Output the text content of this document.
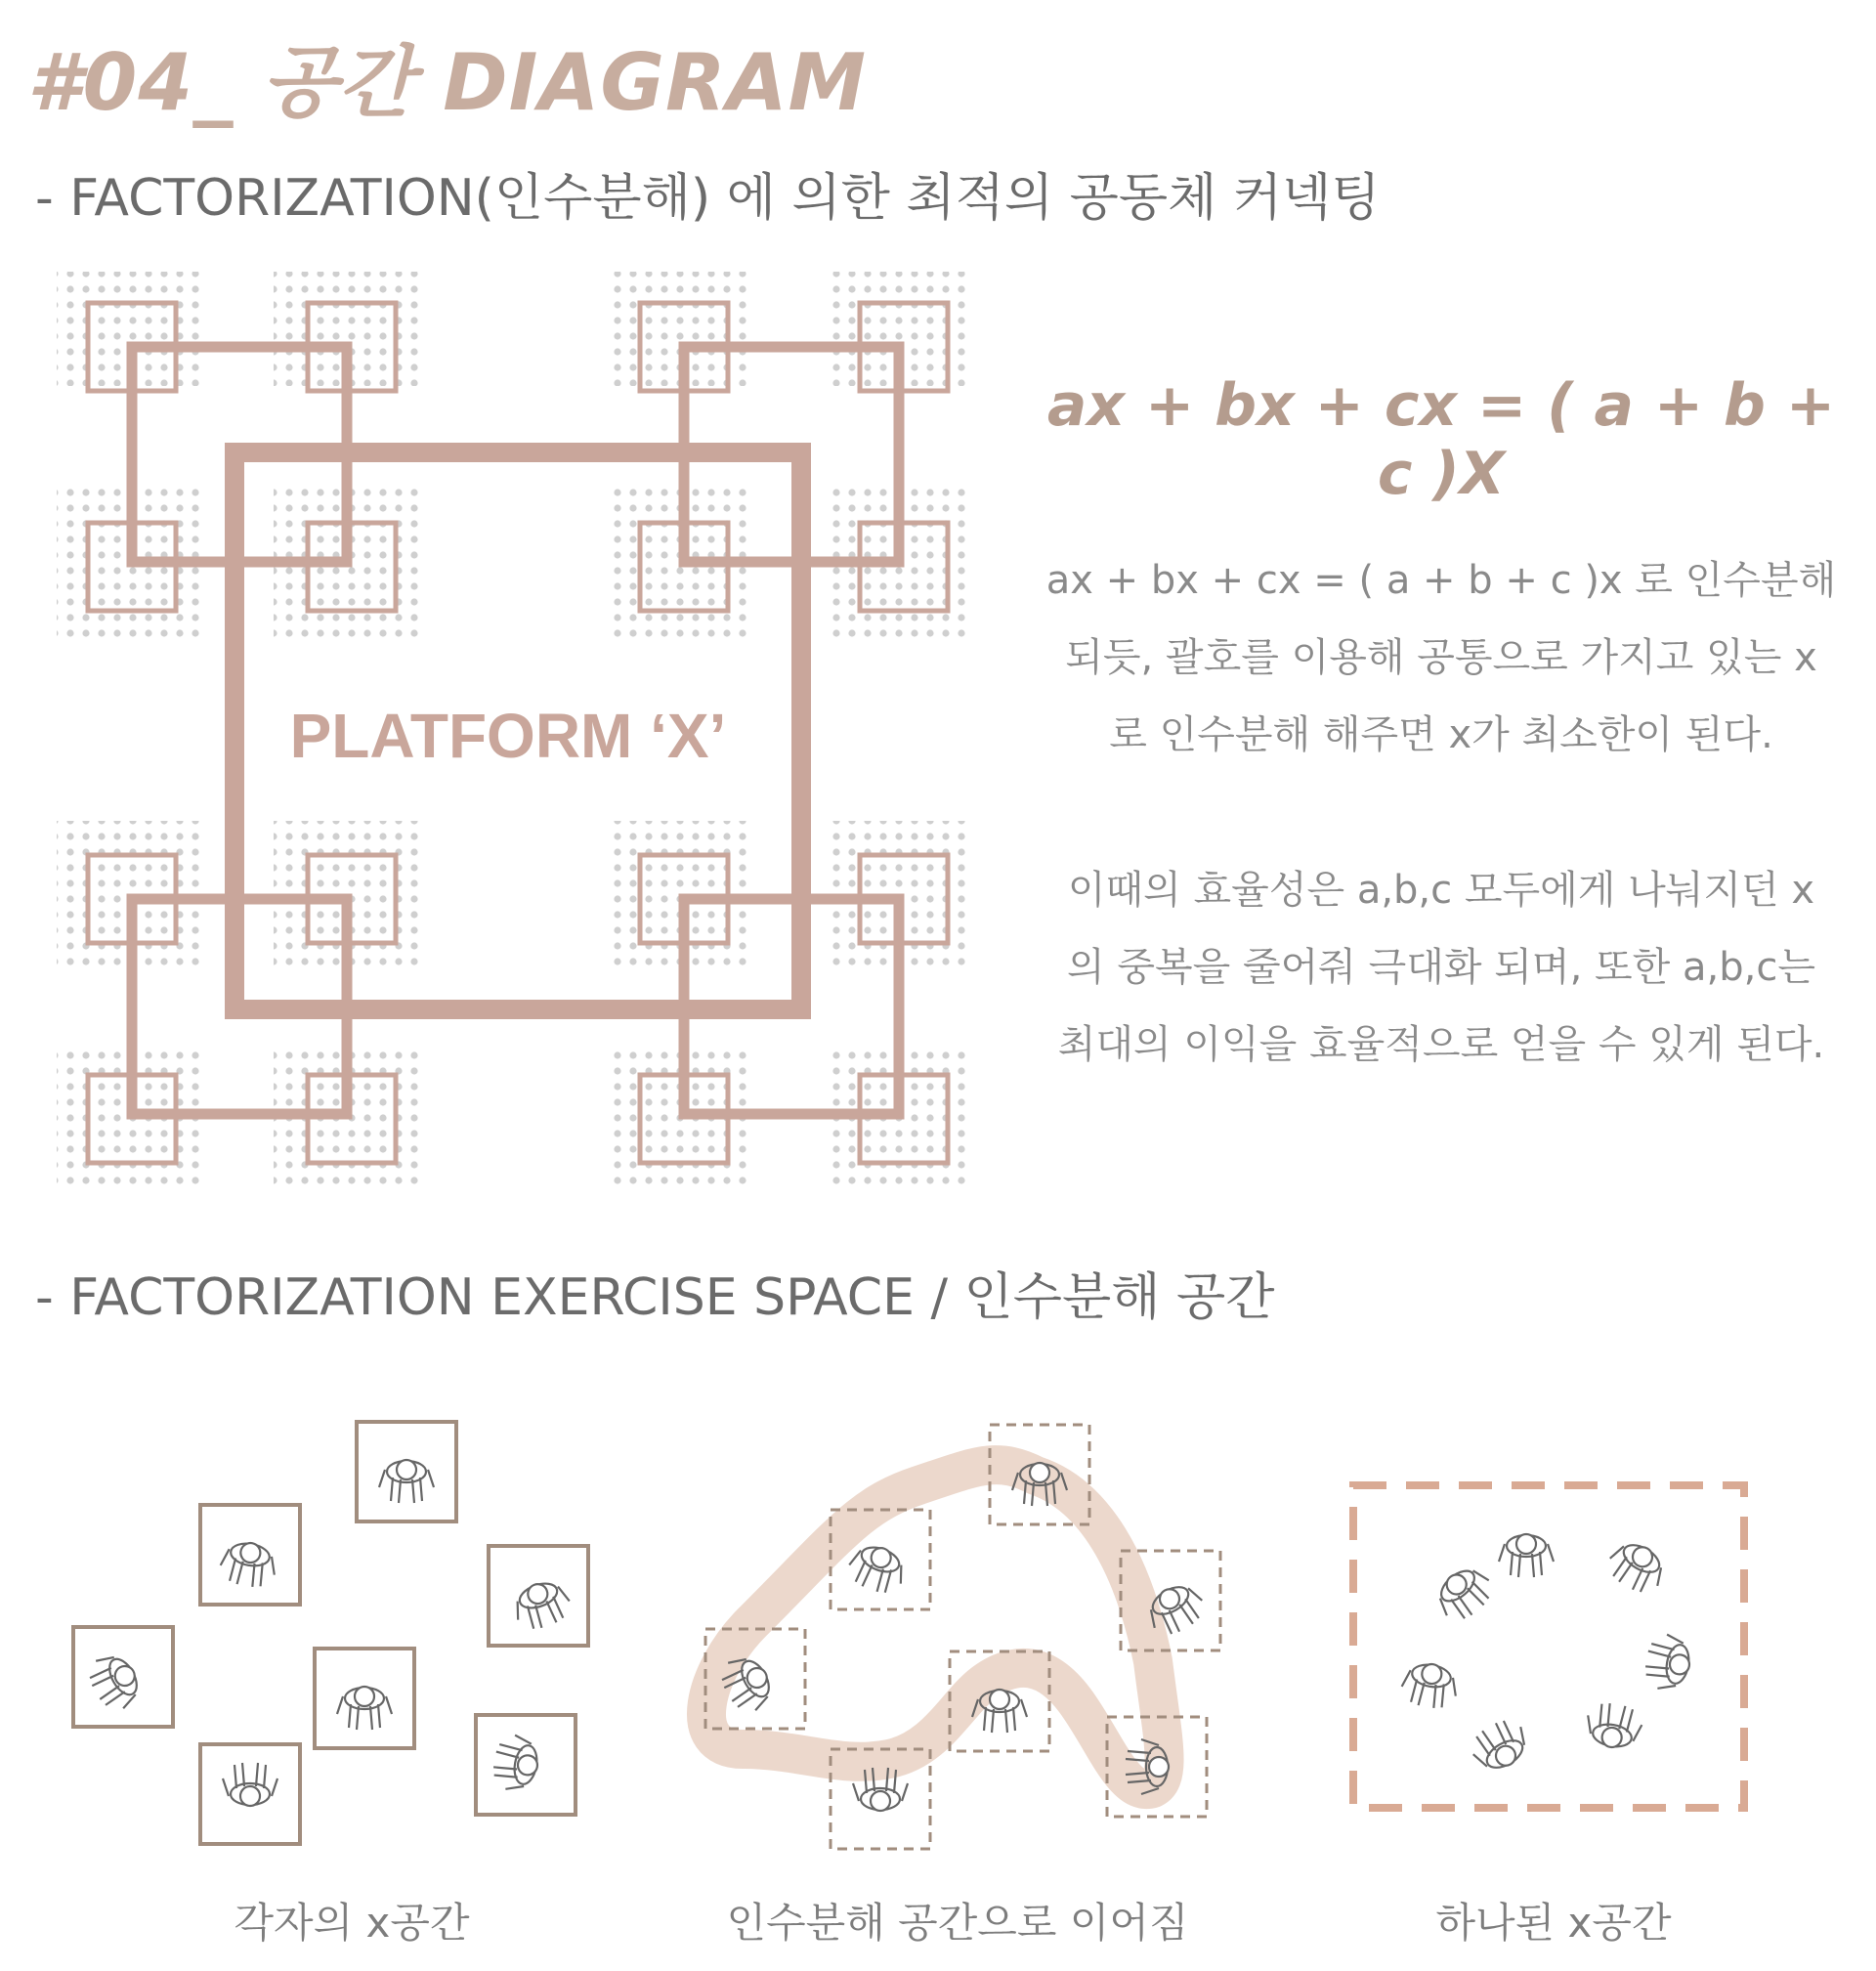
#04_ 공간 DIAGRAM
- FACTORIZATION(인수분해) 에 의한 최적의 공동체 커넥팅
PLATFORM ‘X’
ax + bx + cx = ( a + b + c )X
ax + bx + cx = ( a + b + c )x 로 인수분해
되듯, 괄호를 이용해 공통으로 가지고 있는 x
로 인수분해 해주면 x가 최소한이 된다.
이때의 효율성은 a,b,c 모두에게 나눠지던 x
의 중복을 줄어줘 극대화 되며, 또한 a,b,c는
최대의 이익을 효율적으로 얻을 수 있게 된다.
- FACTORIZATION EXERCISE SPACE / 인수분해 공간
각자의 x공간	인수분해 공간으로 이어짐	하나된 x공간
